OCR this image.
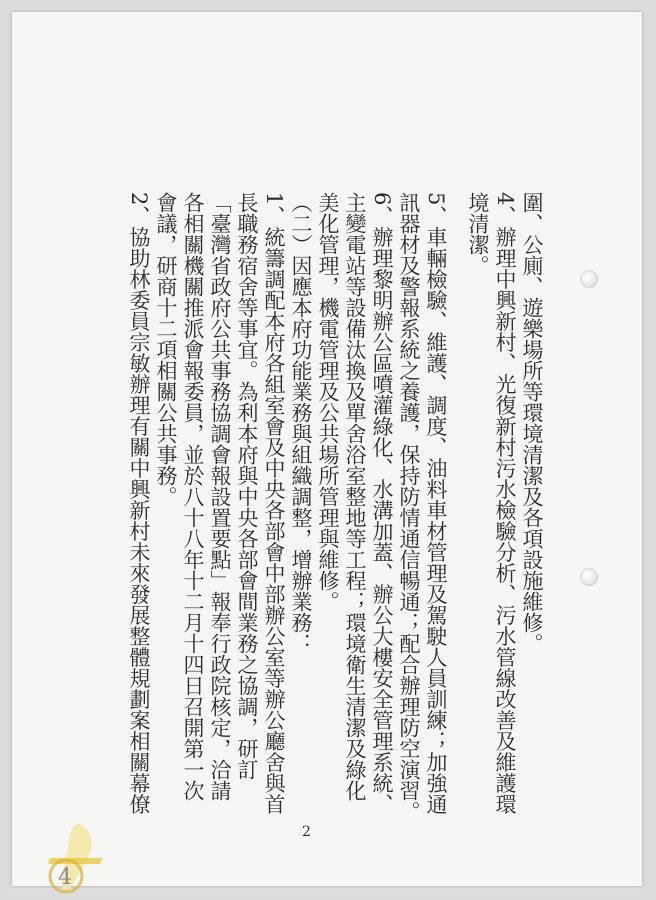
圍、公廁、遊樂場所等環境清潔及各項設施維修。
4、辦理中興新村、光復新村污水檢驗分析、污水管線改善及維護環
境清潔。
5、車輛檢驗、維護、調度、油料車材管理及駕駛人員訓練；加強通
訊器材及警報系統之養護，保持防情通信暢通；配合辦理防空演習。
6、辦理黎明辦公區噴灌綠化、水溝加蓋、辦公大樓安全管理系統、
主變電站等設備汰換及單舍浴室整地等工程；環境衛生清潔及綠化
美化管理，機電管理及公共場所管理與維修。
（二）因應本府功能業務與組織調整，增辦業務：
1、統籌調配本府各組室會及中央各部會中部辦公室等辦公廳舍與首
長職務宿舍等事宜。為利本府與中央各部會間業務之協調，研訂
「臺灣省政府公共事務協調會報設置要點」報奉行政院核定，洽請
各相關機關推派會報委員，並於八十八年十二月十四日召開第一次
會議，研商十二項相關公共事務。
2、協助林委員宗敏辦理有關中興新村未來發展整體規劃案相關幕僚
2
4
